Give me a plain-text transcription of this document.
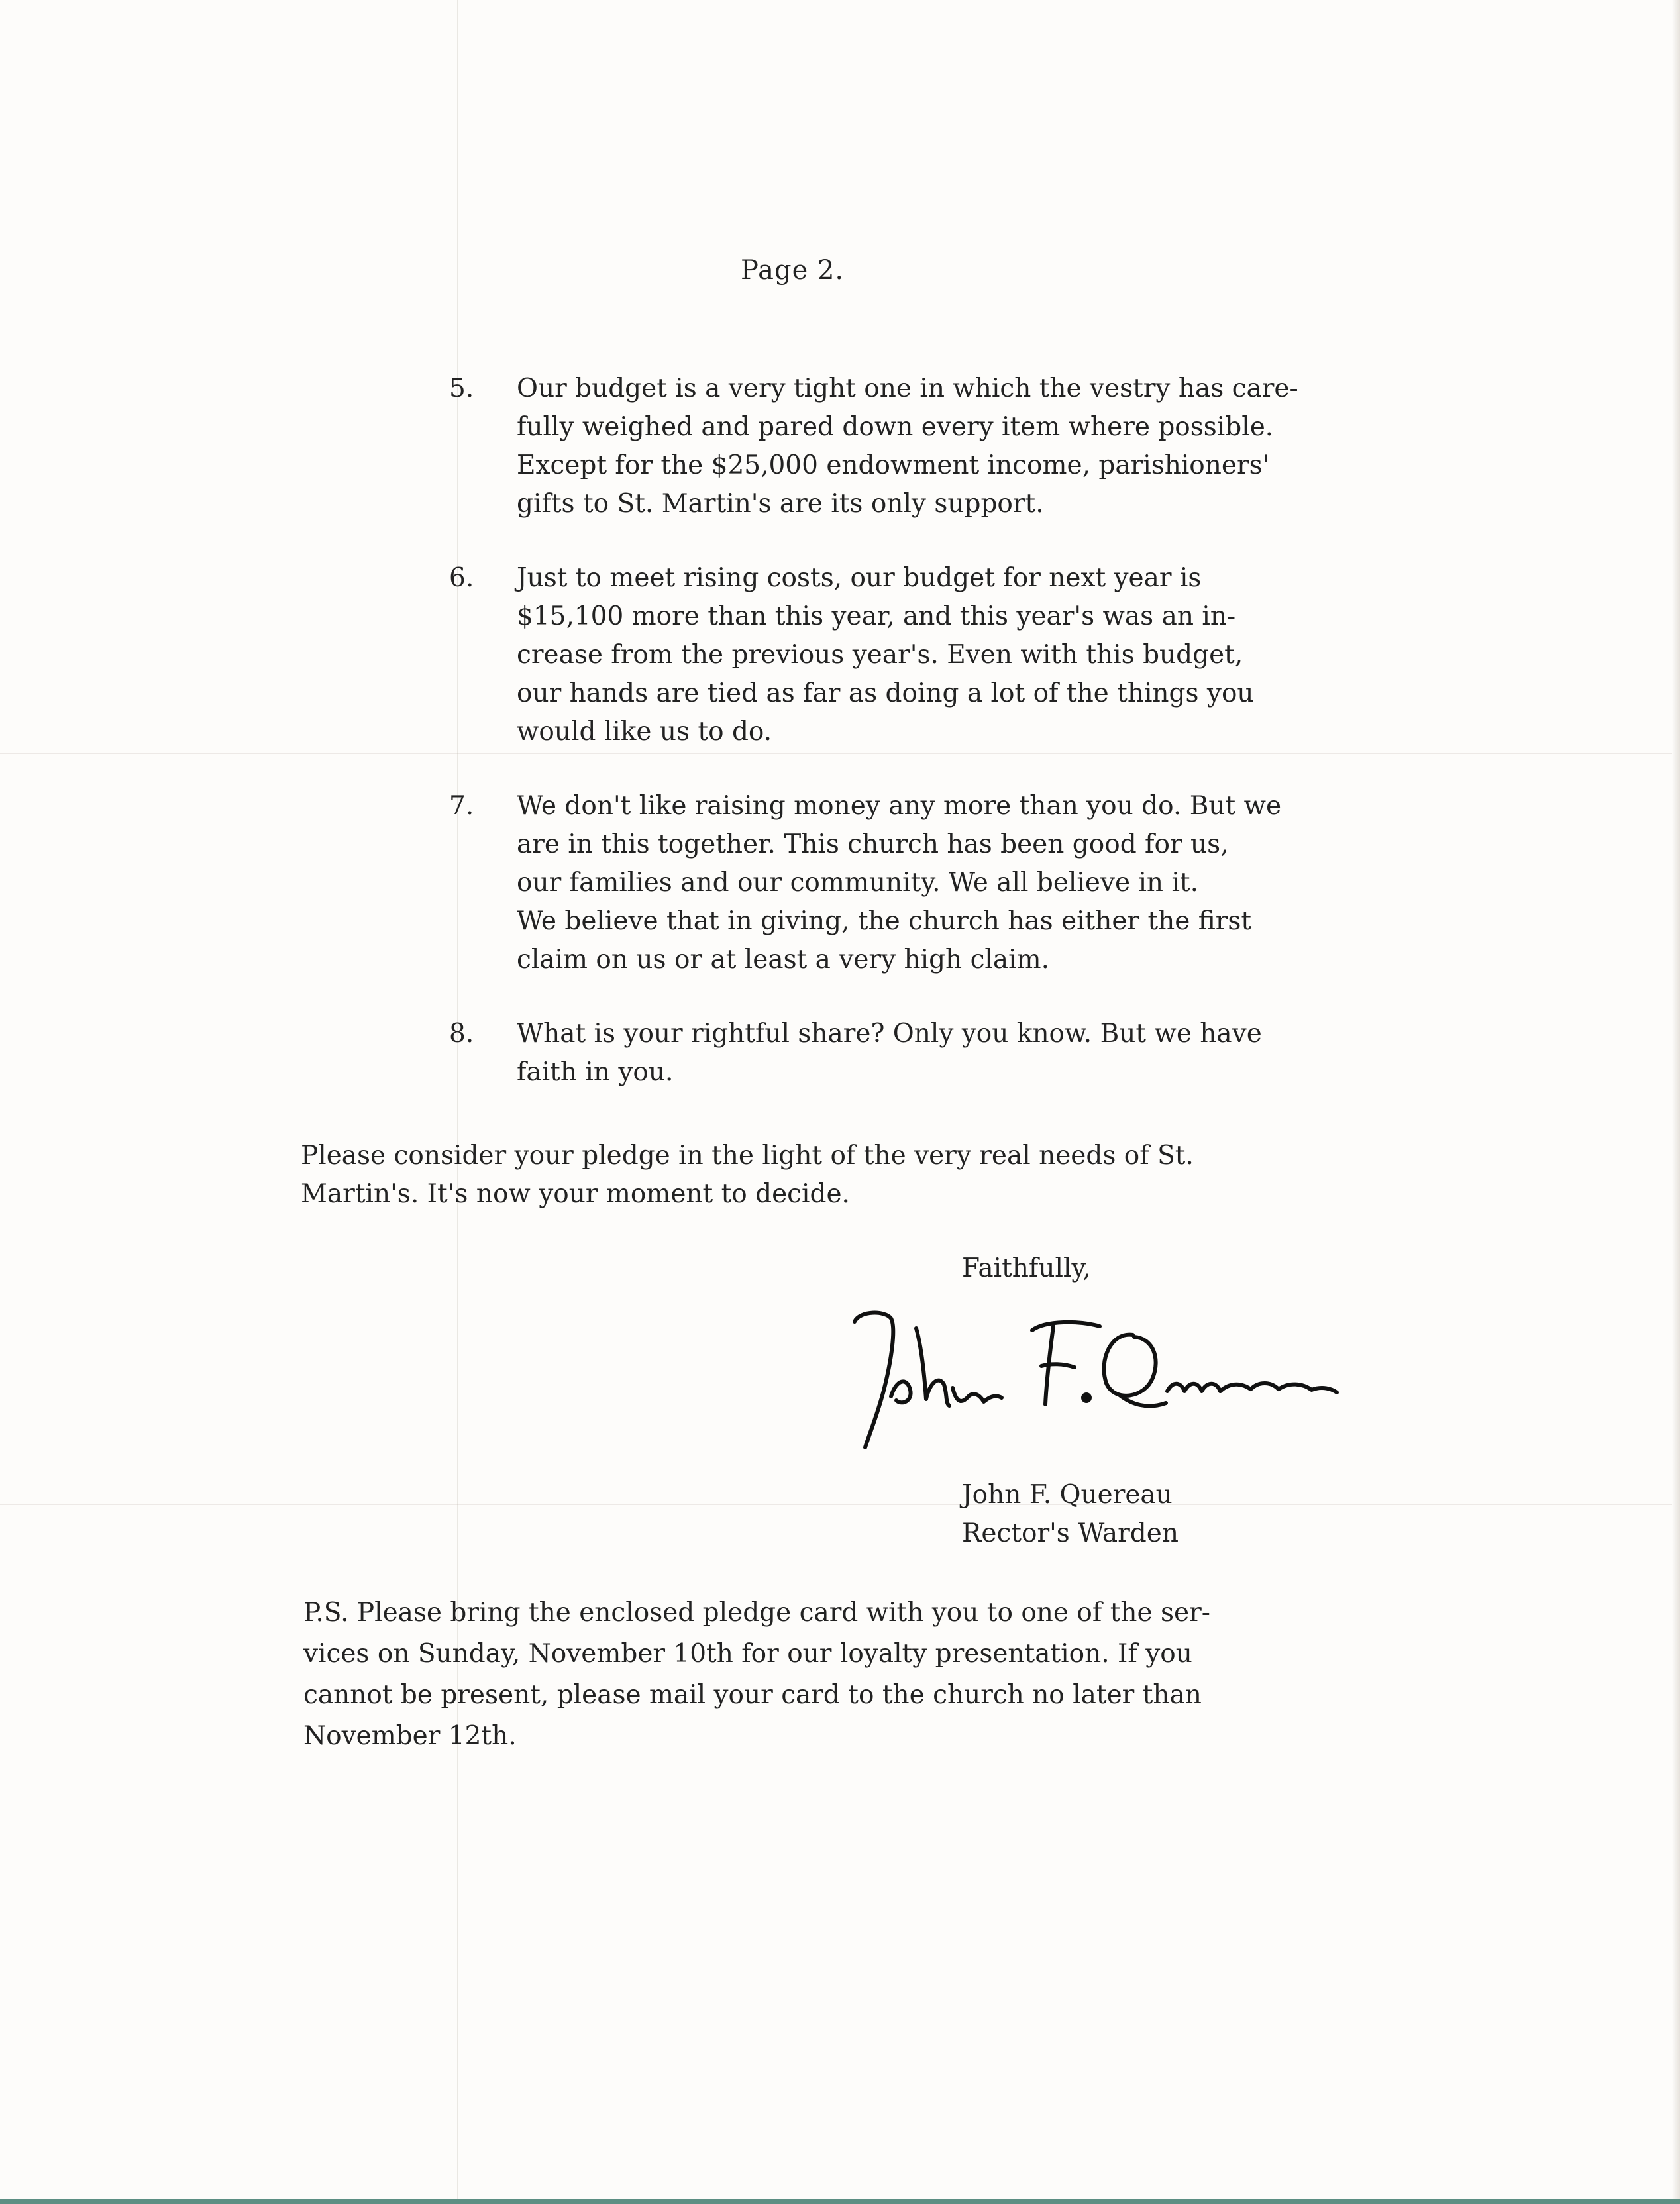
Page 2.
5.	Our budget is a very tight one in which the vestry has care-
fully weighed and pared down every item where possible.
Except for the $25,000 endowment income, parishioners'
gifts to St. Martin's are its only support.
6.	Just to meet rising costs, our budget for next year is
$15,100 more than this year, and this year's was an in-
crease from the previous year's. Even with this budget,
our hands are tied as far as doing a lot of the things you
would like us to do.
7.	We don't like raising money any more than you do. But we
are in this together. This church has been good for us,
our families and our community. We all believe in it.
We believe that in giving, the church has either the first
claim on us or at least a very high claim.
8.	What is your rightful share? Only you know. But we have
faith in you.
Please consider your pledge in the light of the very real needs of St.
Martin's. It's now your moment to decide.
Faithfully,
John F. Quereau
Rector's Warden
P.S. Please bring the enclosed pledge card with you to one of the ser-
vices on Sunday, November 10th for our loyalty presentation. If you
cannot be present, please mail your card to the church no later than
November 12th.
